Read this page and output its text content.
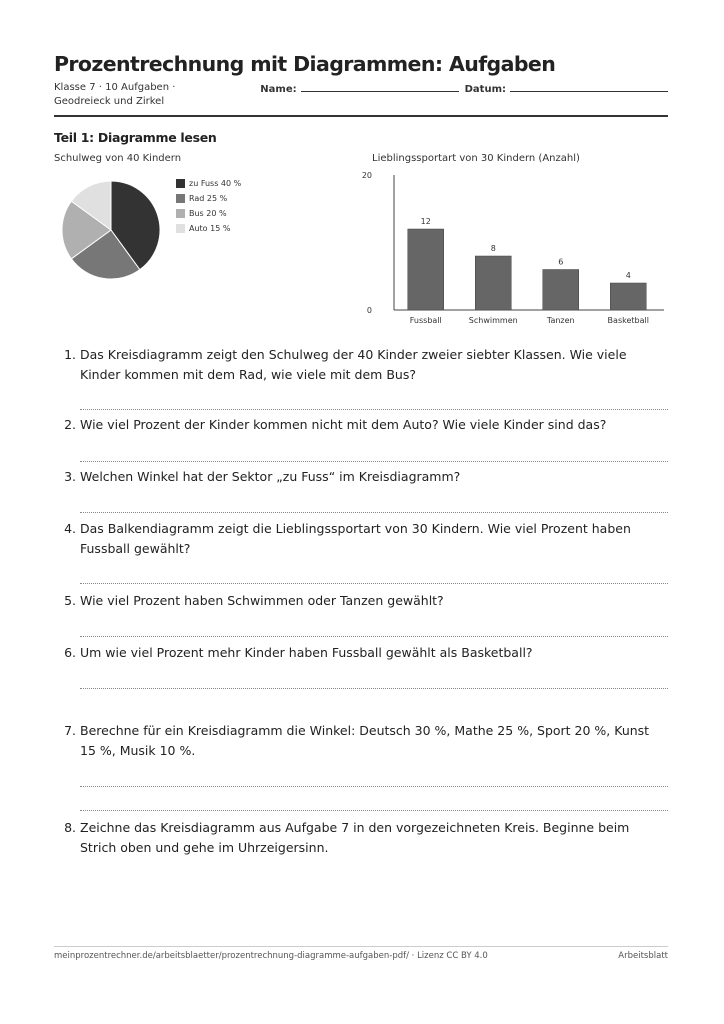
Prozentrechnung mit Diagrammen: Aufgaben
Klasse 7 · 10 Aufgaben ·
Geodreieck und Zirkel
Name:	Datum:
Teil 1: Diagramme lesen
Schulweg von 40 Kindern
zu Fuss 40 %
Rad 25 %
Bus 20 %
Auto 15 %
Lieblingssportart von 30 Kindern (Anzahl)
0
20
12
Fussball
8
Schwimmen
6
Tanzen
4
Basketball
1. Das Kreisdiagramm zeigt den Schulweg der 40 Kinder zweier siebter Klassen. Wie viele Kinder kommen mit dem Rad, wie viele mit dem Bus?
2. Wie viel Prozent der Kinder kommen nicht mit dem Auto? Wie viele Kinder sind das?
3. Welchen Winkel hat der Sektor „zu Fuss“ im Kreisdiagramm?
4. Das Balkendiagramm zeigt die Lieblingssportart von 30 Kindern. Wie viel Prozent haben Fussball gewählt?
5. Wie viel Prozent haben Schwimmen oder Tanzen gewählt?
6. Um wie viel Prozent mehr Kinder haben Fussball gewählt als Basketball?
7. Berechne für ein Kreisdiagramm die Winkel: Deutsch 30 %, Mathe 25 %, Sport 20 %, Kunst 15 %, Musik 10 %.
8. Zeichne das Kreisdiagramm aus Aufgabe 7 in den vorgezeichneten Kreis. Beginne beim Strich oben und gehe im Uhrzeigersinn.
meinprozentrechner.de/arbeitsblaetter/prozentrechnung-diagramme-aufgaben-pdf/ · Lizenz CC BY 4.0	Arbeitsblatt
